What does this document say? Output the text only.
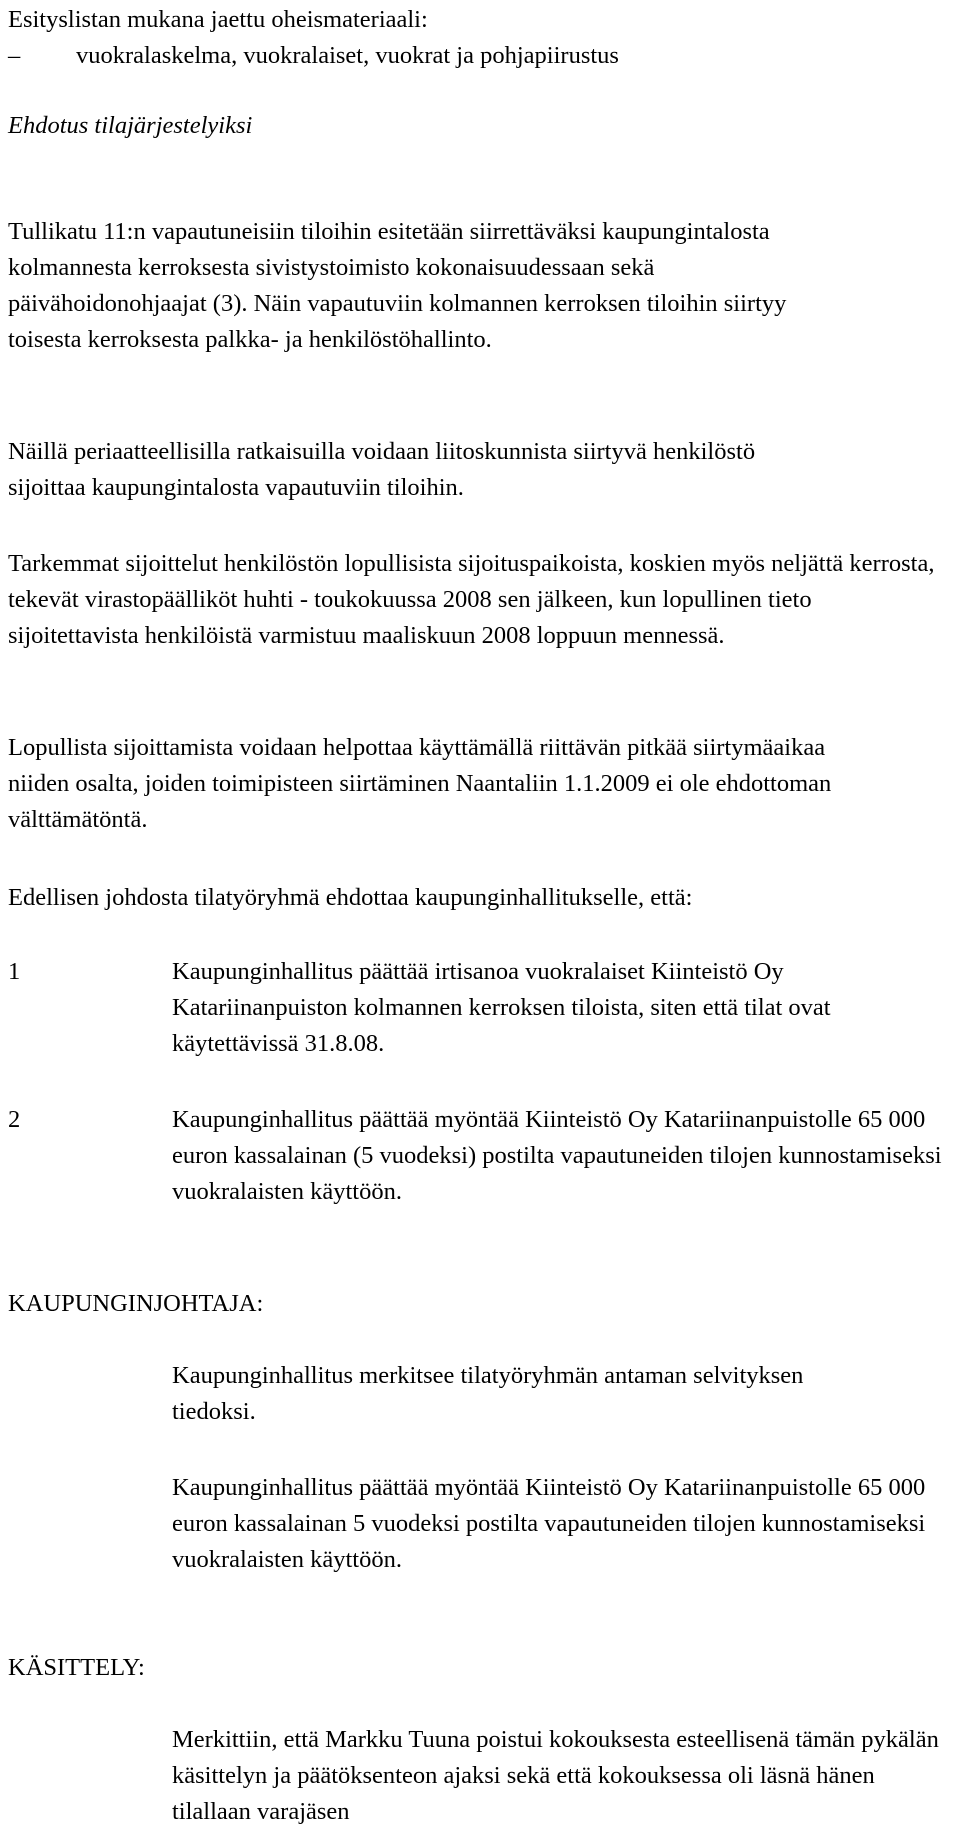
Esityslistan mukana jaettu oheismateriaali:

–	vuokralaskelma, vuokralaiset, vuokrat ja pohjapiirustus

Ehdotus tilajärjestelyiksi

Tullikatu 11:n vapautuneisiin tiloihin esitetään siirrettäväksi kaupungintalosta kolmannesta kerroksesta sivistystoimisto kokonaisuudessaan sekä päivähoidonohjaajat (3). Näin vapautuviin kolmannen kerroksen tiloihin siirtyy toisesta kerroksesta palkka- ja henkilöstöhallinto.

Näillä periaatteellisilla ratkaisuilla voidaan liitoskunnista siirtyvä henkilöstö sijoittaa kaupungintalosta vapautuviin tiloihin.

Tarkemmat sijoittelut henkilöstön lopullisista sijoituspaikoista, koskien myös neljättä kerrosta, tekevät virastopäälliköt huhti - toukokuussa 2008 sen jälkeen, kun lopullinen tieto sijoitettavista henkilöistä varmistuu maaliskuun 2008 loppuun mennessä.

Lopullista sijoittamista voidaan helpottaa käyttämällä riittävän pitkää siirtymäaikaa niiden osalta, joiden toimipisteen siirtäminen Naantaliin 1.1.2009 ei ole ehdottoman välttämätöntä.

Edellisen johdosta tilatyöryhmä ehdottaa kaupunginhallitukselle, että:

1	Kaupunginhallitus päättää irtisanoa vuokralaiset Kiinteistö Oy Katariinanpuiston kolmannen kerroksen tiloista, siten että tilat ovat käytettävissä 31.8.08.
2	Kaupunginhallitus päättää myöntää Kiinteistö Oy Katariinanpuistolle 65 000 euron kassalainan (5 vuodeksi) postilta vapautuneiden tilojen kunnostamiseksi vuokralaisten käyttöön.

KAUPUNGINJOHTAJA:

Kaupunginhallitus merkitsee tilatyöryhmän antaman selvityksen tiedoksi.

Kaupunginhallitus päättää myöntää Kiinteistö Oy Katariinanpuistolle 65 000 euron kassalainan 5 vuodeksi postilta vapautuneiden tilojen kunnostamiseksi vuokralaisten käyttöön.

KÄSITTELY:

Merkittiin, että Markku Tuuna poistui kokouksesta esteellisenä tämän pykälän käsittelyn ja päätöksenteon ajaksi sekä että kokouksessa oli läsnä hänen tilallaan varajäsen
